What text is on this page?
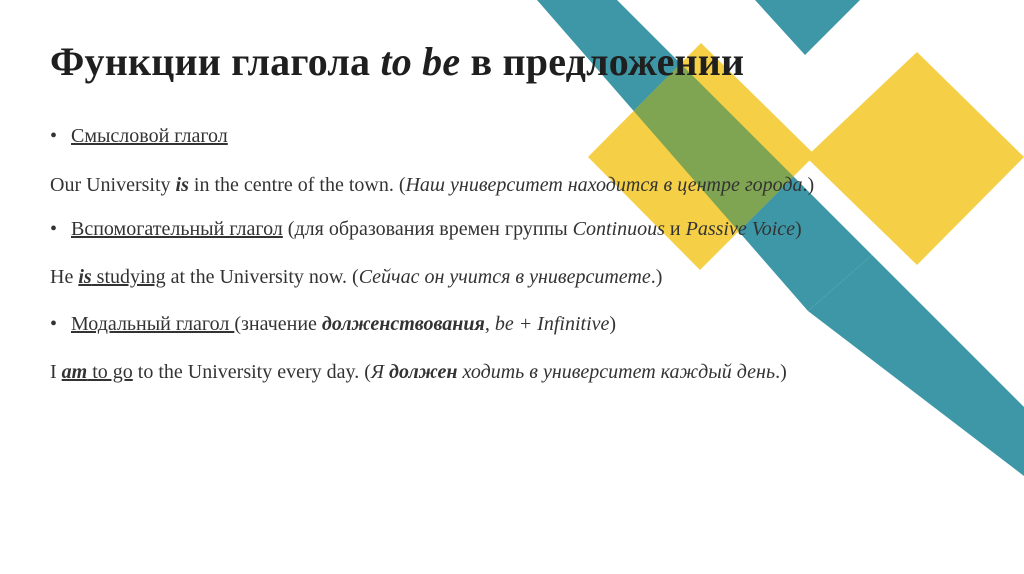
Функции глагола to be в предложении
• Смысловой глагол
Our University is in the centre of the town. (Наш университет находится в центре города.)
• Вспомогательный глагол (для образования времен группы Continuous и Passive Voice)
He is studying at the University now. (Сейчас он учится в университете.)
• Модальный глагол (значение долженствования, be + Infinitive)
I am to go to the University every day. (Я должен ходить в университет каждый день.)
